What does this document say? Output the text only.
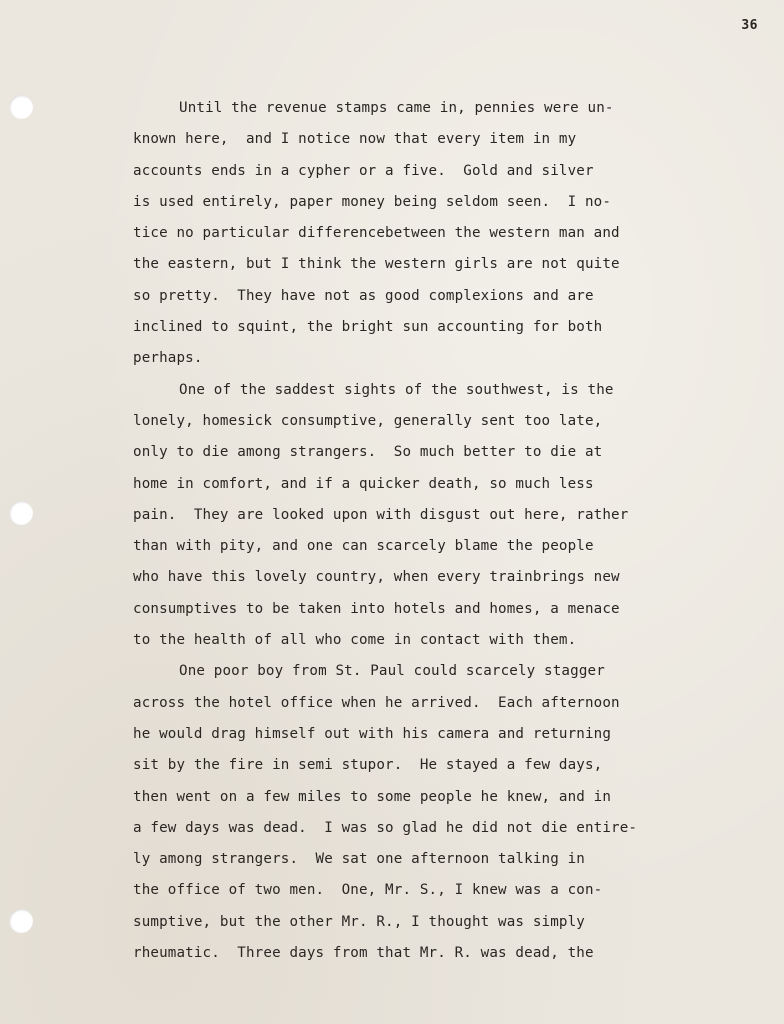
36
Until the revenue stamps came in, pennies were un-
known here,  and I notice now that every item in my
accounts ends in a cypher or a five.  Gold and silver
is used entirely, paper money being seldom seen.  I no-
tice no particular differencebetween the western man and
the eastern, but I think the western girls are not quite
so pretty.  They have not as good complexions and are
inclined to squint, the bright sun accounting for both
perhaps.
One of the saddest sights of the southwest, is the
lonely, homesick consumptive, generally sent too late,
only to die among strangers.  So much better to die at
home in comfort, and if a quicker death, so much less
pain.  They are looked upon with disgust out here, rather
than with pity, and one can scarcely blame the people
who have this lovely country, when every trainbrings new
consumptives to be taken into hotels and homes, a menace
to the health of all who come in contact with them.
One poor boy from St. Paul could scarcely stagger
across the hotel office when he arrived.  Each afternoon
he would drag himself out with his camera and returning
sit by the fire in semi stupor.  He stayed a few days,
then went on a few miles to some people he knew, and in
a few days was dead.  I was so glad he did not die entire-
ly among strangers.  We sat one afternoon talking in
the office of two men.  One, Mr. S., I knew was a con-
sumptive, but the other Mr. R., I thought was simply
rheumatic.  Three days from that Mr. R. was dead, the
